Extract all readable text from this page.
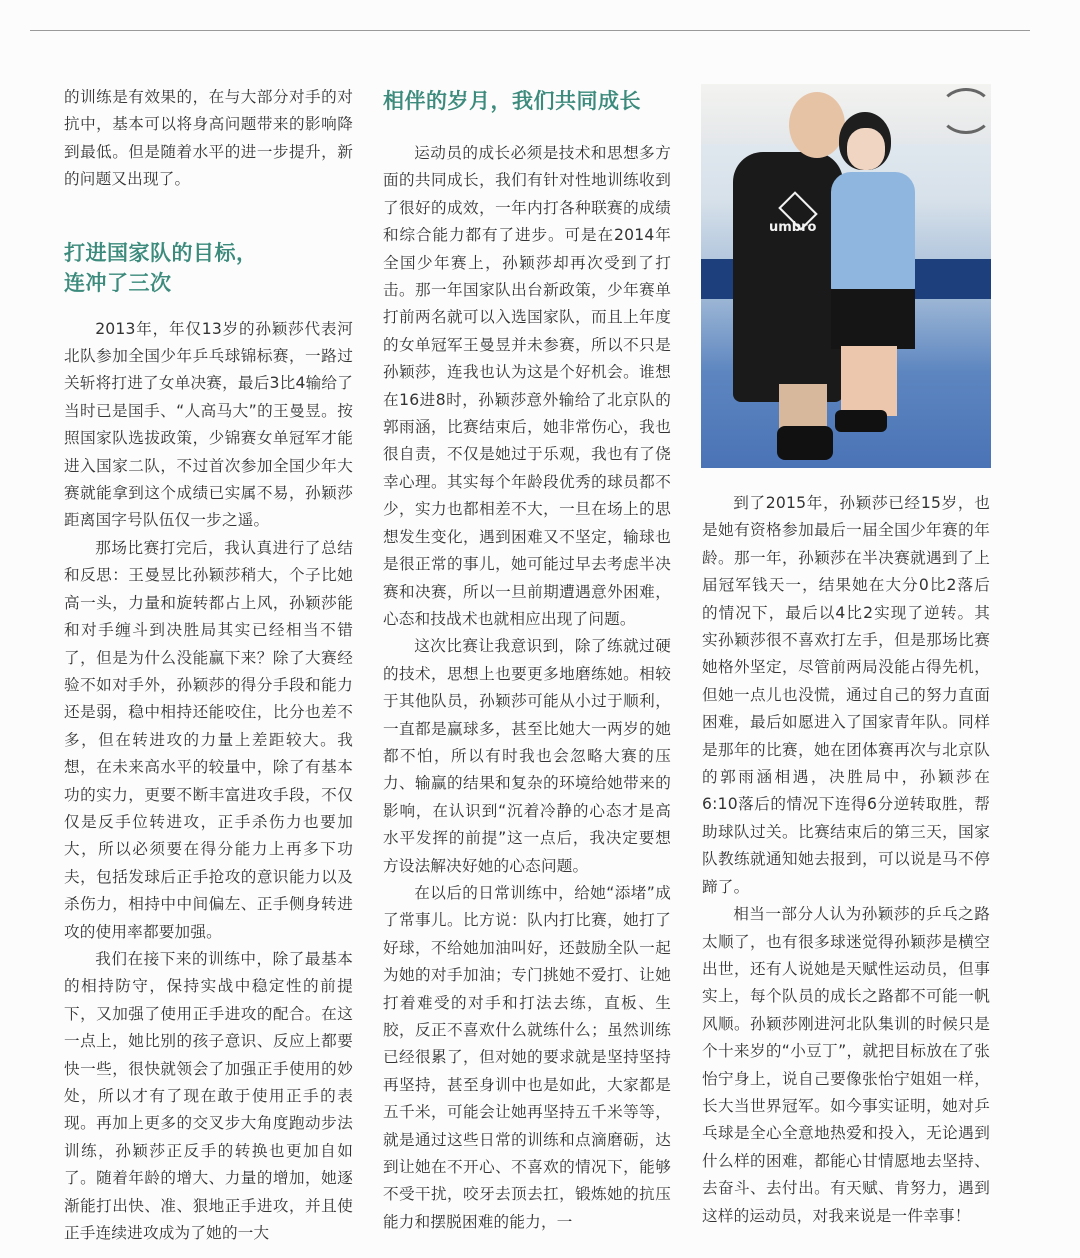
的训练是有效果的，在与大部分对手的对抗中，基本可以将身高问题带来的影响降到最低。但是随着水平的进一步提升，新的问题又出现了。

打进国家队的目标，
连冲了三次

2013年，年仅13岁的孙颖莎代表河北队参加全国少年乒乓球锦标赛，一路过关斩将打进了女单决赛，最后3比4输给了当时已是国手、“人高马大”的王曼昱。按照国家队选拔政策，少锦赛女单冠军才能进入国家二队，不过首次参加全国少年大赛就能拿到这个成绩已实属不易，孙颖莎距离国字号队伍仅一步之遥。

那场比赛打完后，我认真进行了总结和反思：王曼昱比孙颖莎稍大，个子比她高一头，力量和旋转都占上风，孙颖莎能和对手缠斗到决胜局其实已经相当不错了，但是为什么没能赢下来？除了大赛经验不如对手外，孙颖莎的得分手段和能力还是弱，稳中相持还能咬住，比分也差不多，但在转进攻的力量上差距较大。我想，在未来高水平的较量中，除了有基本功的实力，更要不断丰富进攻手段，不仅仅是反手位转进攻，正手杀伤力也要加大，所以必须要在得分能力上再多下功夫，包括发球后正手抢攻的意识能力以及杀伤力，相持中中间偏左、正手侧身转进攻的使用率都要加强。

我们在接下来的训练中，除了最基本的相持防守，保持实战中稳定性的前提下，又加强了使用正手进攻的配合。在这一点上，她比别的孩子意识、反应上都要快一些，很快就领会了加强正手使用的妙处，所以才有了现在敢于使用正手的表现。再加上更多的交叉步大角度跑动步法训练，孙颖莎正反手的转换也更加自如了。随着年龄的增大、力量的增加，她逐渐能打出快、准、狠地正手进攻，并且使正手连续进攻成为了她的一大

相伴的岁月，我们共同成长

运动员的成长必须是技术和思想多方面的共同成长，我们有针对性地训练收到了很好的成效，一年内打各种联赛的成绩和综合能力都有了进步。可是在2014年全国少年赛上，孙颖莎却再次受到了打击。那一年国家队出台新政策，少年赛单打前两名就可以入选国家队，而且上年度的女单冠军王曼昱并未参赛，所以不只是孙颖莎，连我也认为这是个好机会。谁想在16进8时，孙颖莎意外输给了北京队的郭雨涵，比赛结束后，她非常伤心，我也很自责，不仅是她过于乐观，我也有了侥幸心理。其实每个年龄段优秀的球员都不少，实力也都相差不大，一旦在场上的思想发生变化，遇到困难又不坚定，输球也是很正常的事儿，她可能过早去考虑半决赛和决赛，所以一旦前期遭遇意外困难，心态和技战术也就相应出现了问题。

这次比赛让我意识到，除了练就过硬的技术，思想上也要更多地磨练她。相较于其他队员，孙颖莎可能从小过于顺利，一直都是赢球多，甚至比她大一两岁的她都不怕，所以有时我也会忽略大赛的压力、输赢的结果和复杂的环境给她带来的影响，在认识到“沉着冷静的心态才是高水平发挥的前提”这一点后，我决定要想方设法解决好她的心态问题。

在以后的日常训练中，给她“添堵”成了常事儿。比方说：队内打比赛，她打了好球，不给她加油叫好，还鼓励全队一起为她的对手加油；专门挑她不爱打、让她打着难受的对手和打法去练，直板、生胶，反正不喜欢什么就练什么；虽然训练已经很累了，但对她的要求就是坚持坚持再坚持，甚至身训中也是如此，大家都是五千米，可能会让她再坚持五千米等等，就是通过这些日常的训练和点滴磨砺，达到让她在不开心、不喜欢的情况下，能够不受干扰，咬牙去顶去扛，锻炼她的抗压能力和摆脱困难的能力，一

umbro

到了2015年，孙颖莎已经15岁，也是她有资格参加最后一届全国少年赛的年龄。那一年，孙颖莎在半决赛就遇到了上届冠军钱天一，结果她在大分0比2落后的情况下，最后以4比2实现了逆转。其实孙颖莎很不喜欢打左手，但是那场比赛她格外坚定，尽管前两局没能占得先机，但她一点儿也没慌，通过自己的努力直面困难，最后如愿进入了国家青年队。同样是那年的比赛，她在团体赛再次与北京队的郭雨涵相遇，决胜局中，孙颖莎在6:10落后的情况下连得6分逆转取胜，帮助球队过关。比赛结束后的第三天，国家队教练就通知她去报到，可以说是马不停蹄了。

相当一部分人认为孙颖莎的乒乓之路太顺了，也有很多球迷觉得孙颖莎是横空出世，还有人说她是天赋性运动员，但事实上，每个队员的成长之路都不可能一帆风顺。孙颖莎刚进河北队集训的时候只是个十来岁的“小豆丁”，就把目标放在了张怡宁身上，说自己要像张怡宁姐姐一样，长大当世界冠军。如今事实证明，她对乒乓球是全心全意地热爱和投入，无论遇到什么样的困难，都能心甘情愿地去坚持、去奋斗、去付出。有天赋、肯努力，遇到这样的运动员，对我来说是一件幸事！
